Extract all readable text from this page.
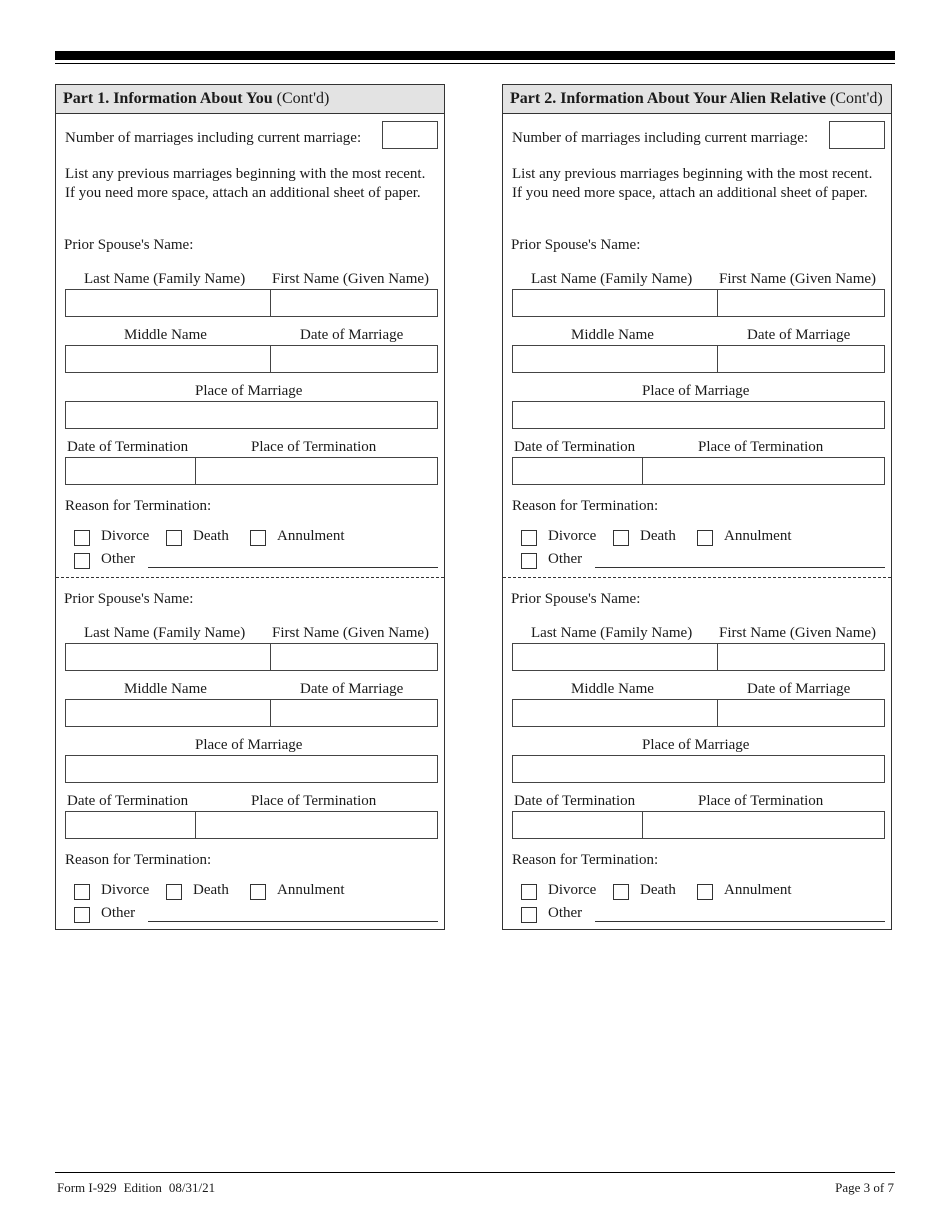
Form I-929 Edition 08/31/21	Page 3 of 7
Part 1. Information About You (Cont'd)
Number of marriages including current marriage:
List any previous marriages beginning with the most recent. If you need more space, attach an additional sheet of paper.
Prior Spouse's Name:
Last Name (Family Name) First Name (Given Name)
Middle Name	Date of Marriage
Place of Marriage
Date of Termination	Place of Termination
Reason for Termination:
Divorce	Death	Annulment
Other
Prior Spouse's Name:
Last Name (Family Name) First Name (Given Name)
Middle Name	Date of Marriage
Place of Marriage
Date of Termination	Place of Termination
Reason for Termination:
Divorce	Death	Annulment
Other
Part 2. Information About Your Alien Relative (Cont'd)
Number of marriages including current marriage:
List any previous marriages beginning with the most recent. If you need more space, attach an additional sheet of paper.
Prior Spouse's Name:
Last Name (Family Name) First Name (Given Name)
Middle Name	Date of Marriage
Place of Marriage
Date of Termination	Place of Termination
Reason for Termination:
Divorce	Death	Annulment
Other
Prior Spouse's Name:
Last Name (Family Name) First Name (Given Name)
Middle Name	Date of Marriage
Place of Marriage
Date of Termination	Place of Termination
Reason for Termination:
Divorce	Death	Annulment
Other
